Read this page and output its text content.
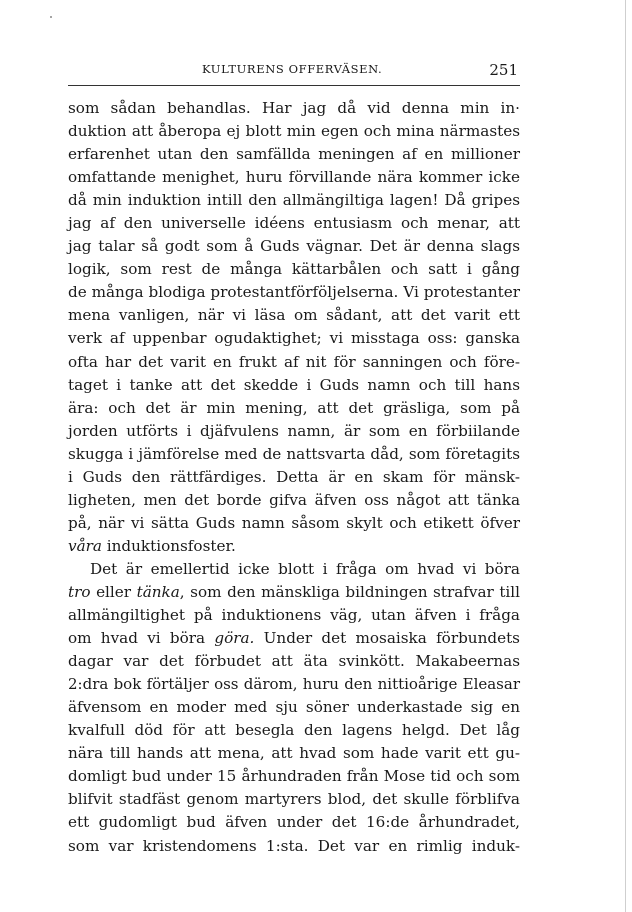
KULTURENS OFFERVÄSEN.	251
som sådan behandlas. Har jag då vid denna min in·
duktion att åberopa ej blott min egen och mina närmastes
erfarenhet utan den samfällda meningen af en millioner
omfattande menighet, huru förvillande nära kommer icke
då min induktion intill den allmängiltiga lagen! Då gripes
jag af den universelle idéens entusiasm och menar, att
jag talar så godt som å Guds vägnar. Det är denna slags
logik, som rest de många kättarbålen och satt i gång
de många blodiga protestantförföljelserna. Vi protestanter
mena vanligen, när vi läsa om sådant, att det varit ett
verk af uppenbar ogudaktighet; vi misstaga oss: ganska
ofta har det varit en frukt af nit för sanningen och före-
taget i tanke att det skedde i Guds namn och till hans
ära: och det är min mening, att det gräsliga, som på
jorden utförts i djäfvulens namn, är som en förbiilande
skugga i jämförelse med de nattsvarta dåd, som företagits
i Guds den rättfärdiges. Detta är en skam för mänsk-
ligheten, men det borde gifva äfven oss något att tänka
på, när vi sätta Guds namn såsom skylt och etikett öfver
våra induktionsfoster.
Det är emellertid icke blott i fråga om hvad vi böra
tro eller tänka, som den mänskliga bildningen strafvar till
allmängiltighet på induktionens väg, utan äfven i fråga
om hvad vi böra göra. Under det mosaiska förbundets
dagar var det förbudet att äta svinkött. Makabeernas
2:dra bok förtäljer oss därom, huru den nittioårige Eleasar
äfvensom en moder med sju söner underkastade sig en
kvalfull död för att besegla den lagens helgd. Det låg
nära till hands att mena, att hvad som hade varit ett gu-
domligt bud under 15 århundraden från Mose tid och som
blifvit stadfäst genom martyrers blod, det skulle förblifva
ett gudomligt bud äfven under det 16:de århundradet,
som var kristendomens 1:sta. Det var en rimlig induk-
